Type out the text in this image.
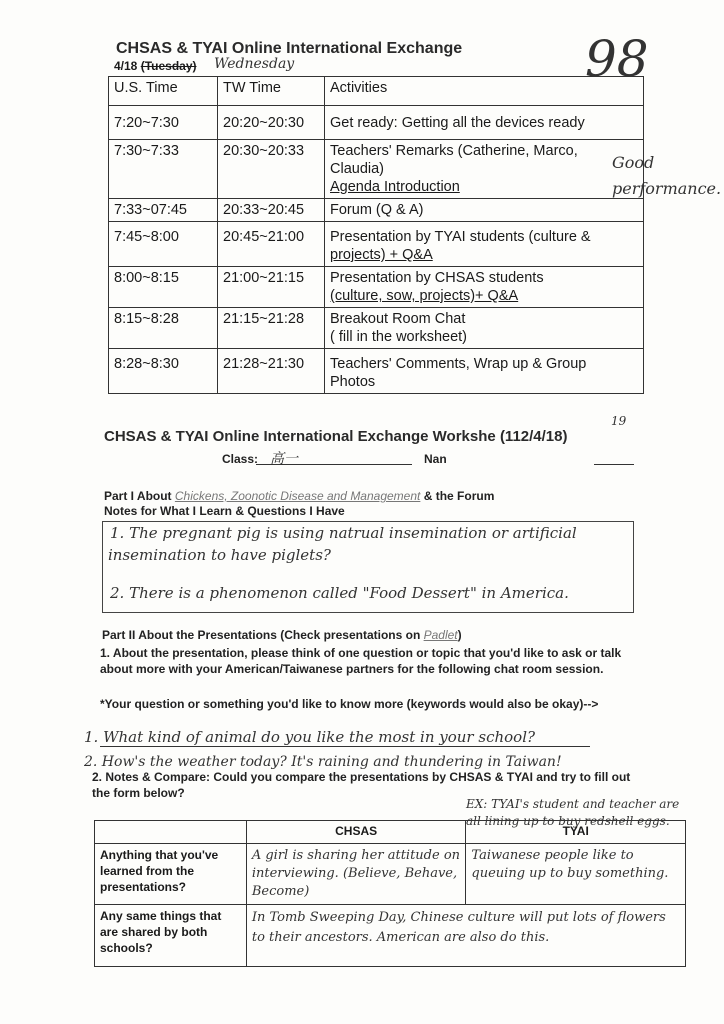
CHSAS & TYAI Online International Exchange
4/18 (Tuesday) Wednesday	98
U.S. Time	TW Time	Activities
7:20~7:30	20:20~20:30	Get ready: Getting all the devices ready

7:30~7:33	20:30~20:33	Teachers' Remarks (Catherine, Marco,
Claudia)
Agenda Introduction

7:33~07:45	20:33~20:45	Forum (Q & A)

7:45~8:00	20:45~21:00	Presentation by TYAI students (culture &
projects) + Q&A

8:00~8:15	21:00~21:15	Presentation by CHSAS students
(culture, sow, projects)+ Q&A

8:15~8:28	21:15~21:28	Breakout Room Chat
( fill in the worksheet)

8:28~8:30	21:28~21:30	Teachers' Comments, Wrap up & Group
Photos
Good performance.
CHSAS & TYAI Online International Exchange Workshe (112/4/18)
19
Class: 高一	Nan
Part I About Chickens, Zoonotic Disease and Management & the Forum
Notes for What I Learn & Questions I Have
1. The pregnant pig is using natrual insemination or artificial
insemination to have piglets?
2. There is a phenomenon called "Food Dessert" in America.
Part II About the Presentations (Check presentations on Padlet)
1. About the presentation, please think of one question or topic that you'd like to ask or talk about more with your American/Taiwanese partners for the following chat room session.
*Your question or something you'd like to know more (keywords would also be okay)-->
1. What kind of animal do you like the most in your school?
2. How's the weather today? It's raining and thundering in Taiwan!
2. Notes & Compare: Could you compare the presentations by CHSAS & TYAI and try to fill out the form below?
EX: TYAI's student and teacher are all lining up to buy redshell eggs.
	CHSAS	TYAI
Anything that you've learned from the presentations?	A girl is sharing her attitude on interviewing. (Believe, Behave, Become)	Taiwanese people like to queuing up to buy something.
Any same things that are shared by both schools?	In Tomb Sweeping Day, Chinese culture will put lots of flowers to their ancestors. American are also do this.	
